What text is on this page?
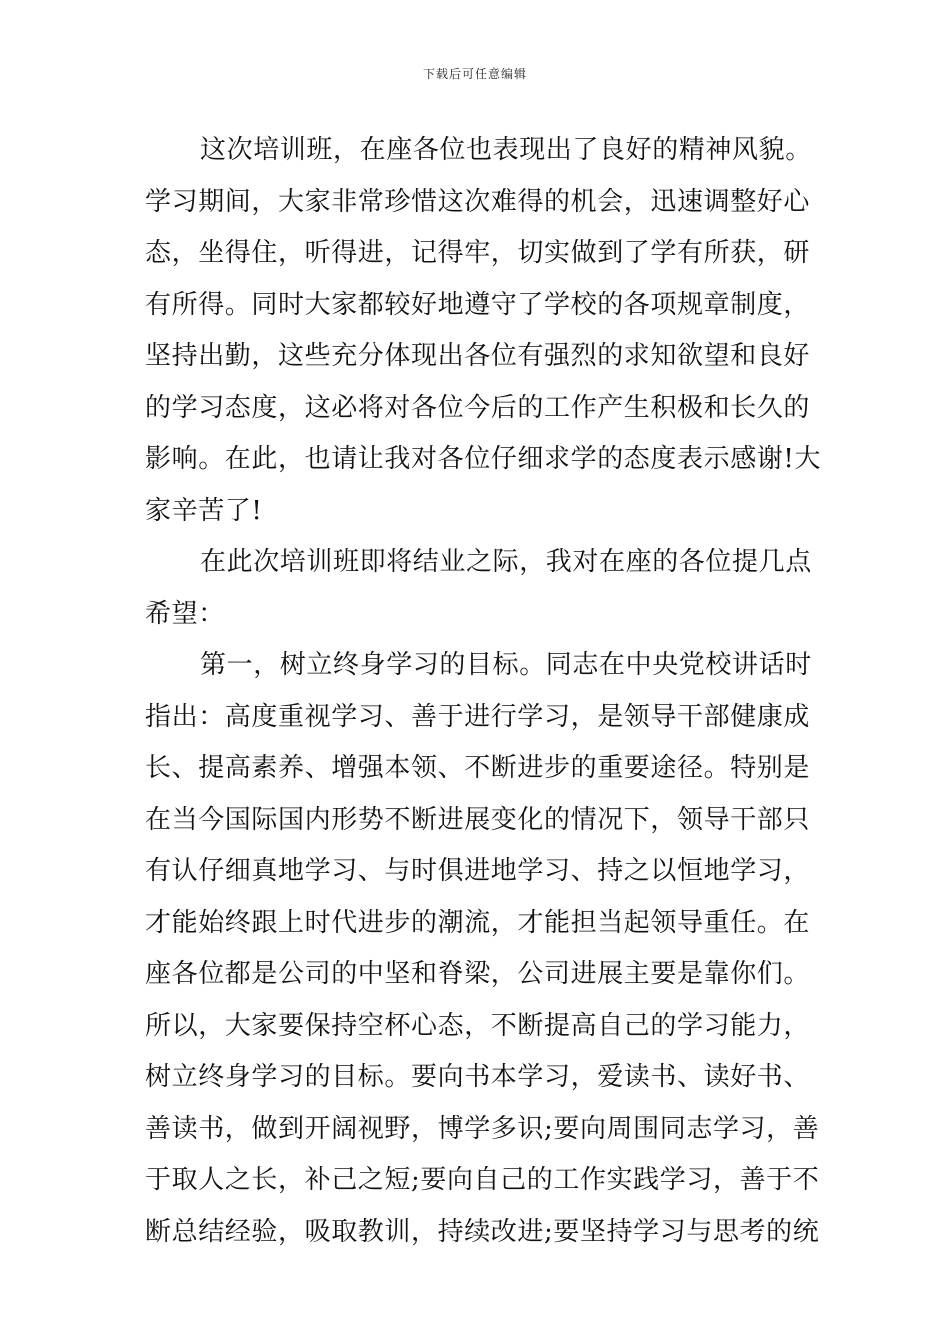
下载后可任意编辑
这次培训班，在座各位也表现出了良好的精神风貌。
学习期间，大家非常珍惜这次难得的机会，迅速调整好心
态，坐得住，听得进，记得牢，切实做到了学有所获，研
有所得。同时大家都较好地遵守了学校的各项规章制度，
坚持出勤，这些充分体现出各位有强烈的求知欲望和良好
的学习态度，这必将对各位今后的工作产生积极和长久的
影响。在此，也请让我对各位仔细求学的态度表示感谢!大
家辛苦了!
在此次培训班即将结业之际，我对在座的各位提几点
希望：
第一，树立终身学习的目标。同志在中央党校讲话时
指出：高度重视学习、善于进行学习，是领导干部健康成
长、提高素养、增强本领、不断进步的重要途径。特别是
在当今国际国内形势不断进展变化的情况下，领导干部只
有认仔细真地学习、与时俱进地学习、持之以恒地学习，
才能始终跟上时代进步的潮流，才能担当起领导重任。在
座各位都是公司的中坚和脊梁，公司进展主要是靠你们。
所以，大家要保持空杯心态，不断提高自己的学习能力，
树立终身学习的目标。要向书本学习，爱读书、读好书、
善读书，做到开阔视野，博学多识;要向周围同志学习，善
于取人之长，补己之短;要向自己的工作实践学习，善于不
断总结经验，吸取教训，持续改进;要坚持学习与思考的统
